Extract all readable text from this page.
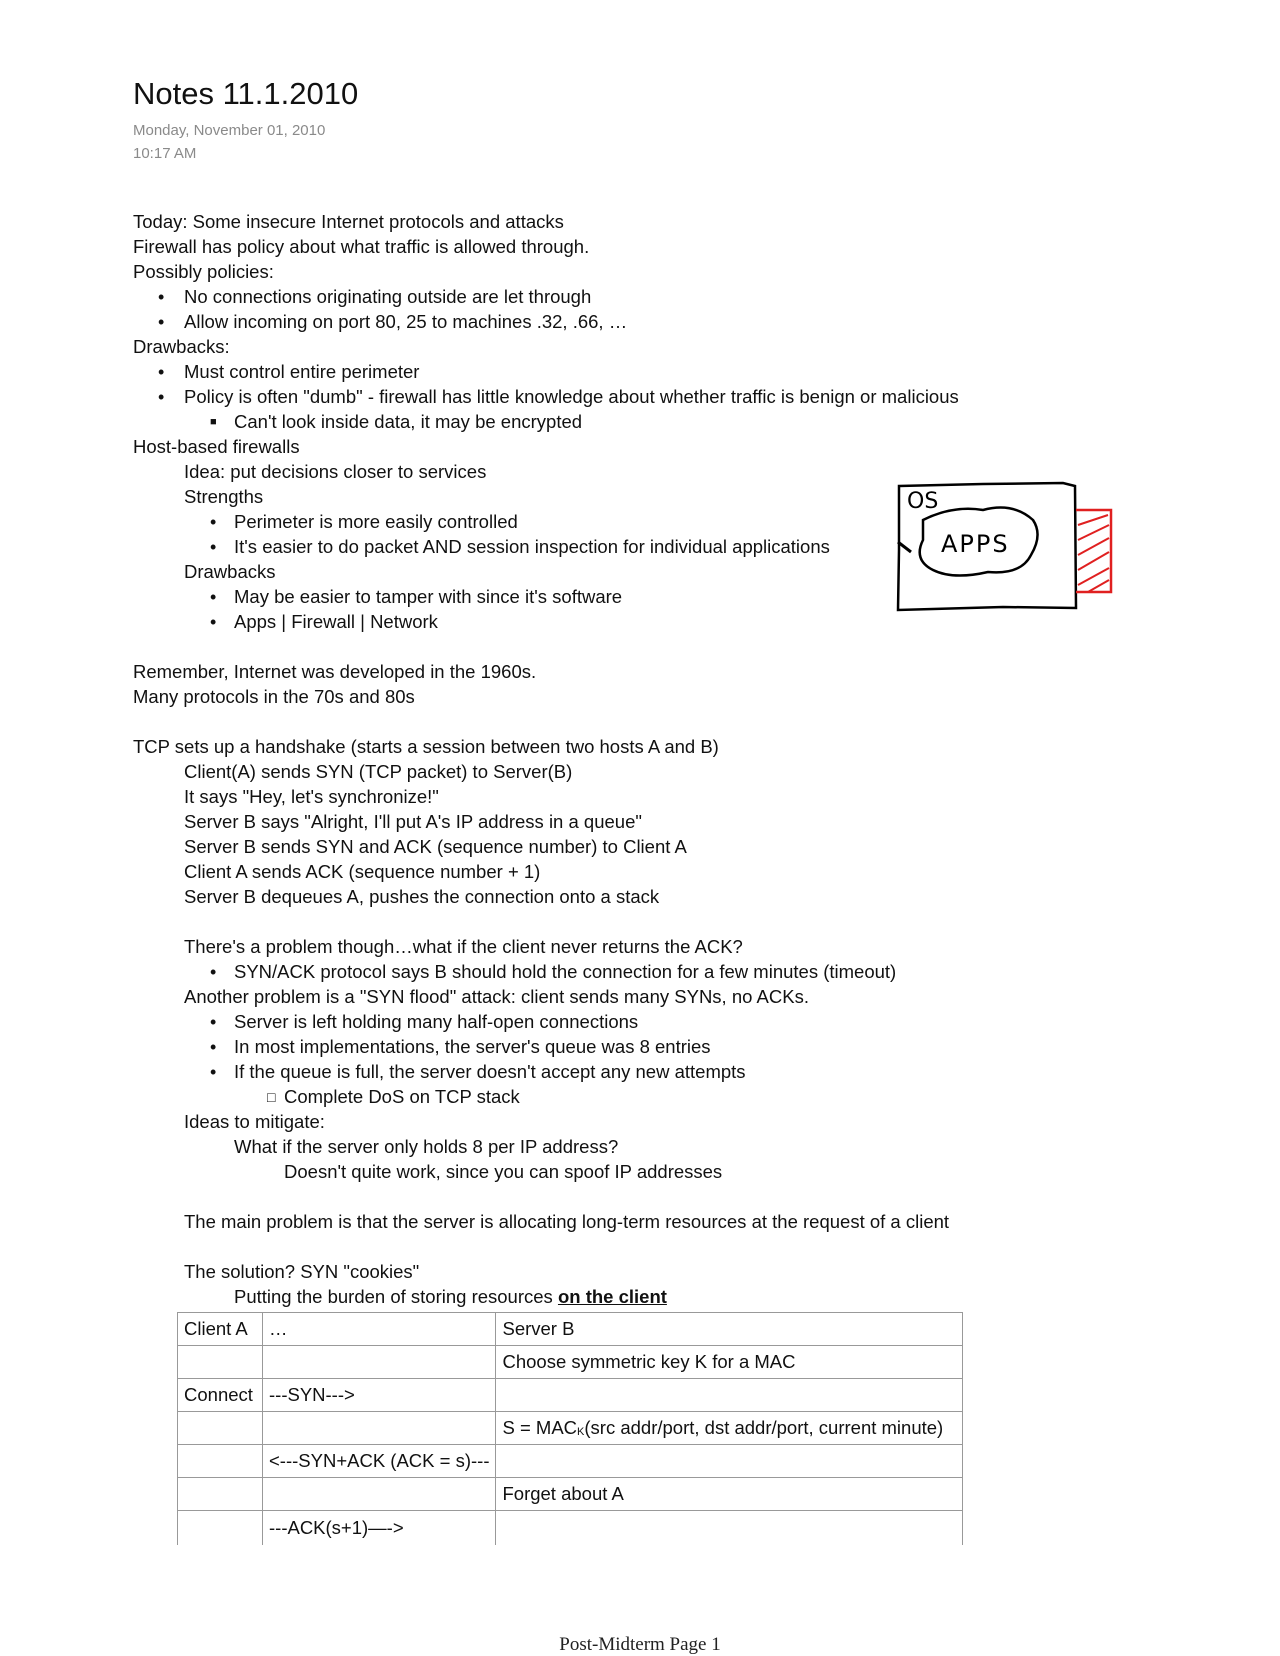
Notes 11.1.2010
Monday, November 01, 2010
10:17 AM
Today: Some insecure Internet protocols and attacks
Firewall has policy about what traffic is allowed through.
Possibly policies:
• No connections originating outside are let through
• Allow incoming on port 80, 25 to machines .32, .66, …
Drawbacks:
• Must control entire perimeter
• Policy is often "dumb" - firewall has little knowledge about whether traffic is benign or malicious
■ Can't look inside data, it may be encrypted
Host-based firewalls
Idea: put decisions closer to services
Strengths
• Perimeter is more easily controlled
• It's easier to do packet AND session inspection for individual applications
Drawbacks
• May be easier to tamper with since it's software
• Apps | Firewall | Network
OS
APPS
Remember, Internet was developed in the 1960s.
Many protocols in the 70s and 80s
TCP sets up a handshake (starts a session between two hosts A and B)
Client(A) sends SYN (TCP packet) to Server(B)
It says "Hey, let's synchronize!"
Server B says "Alright, I'll put A's IP address in a queue"
Server B sends SYN and ACK (sequence number) to Client A
Client A sends ACK (sequence number + 1)
Server B dequeues A, pushes the connection onto a stack
There's a problem though…what if the client never returns the ACK?
• SYN/ACK protocol says B should hold the connection for a few minutes (timeout)
Another problem is a "SYN flood" attack: client sends many SYNs, no ACKs.
• Server is left holding many half-open connections
• In most implementations, the server's queue was 8 entries
• If the queue is full, the server doesn't accept any new attempts
□ Complete DoS on TCP stack
Ideas to mitigate:
What if the server only holds 8 per IP address?
Doesn't quite work, since you can spoof IP addresses
The main problem is that the server is allocating long-term resources at the request of a client
The solution? SYN "cookies"
Putting the burden of storing resources on the client
Client A	…	Server B
		Choose symmetric key K for a MAC
Connect	---SYN--->	
		$S = MAC_K(src$ addr/port, dst addr/port, current minute)
	<---SYN+ACK (ACK = s)---	
		Forget about A
	---ACK(s+1)—->	
Post-Midterm Page 1
